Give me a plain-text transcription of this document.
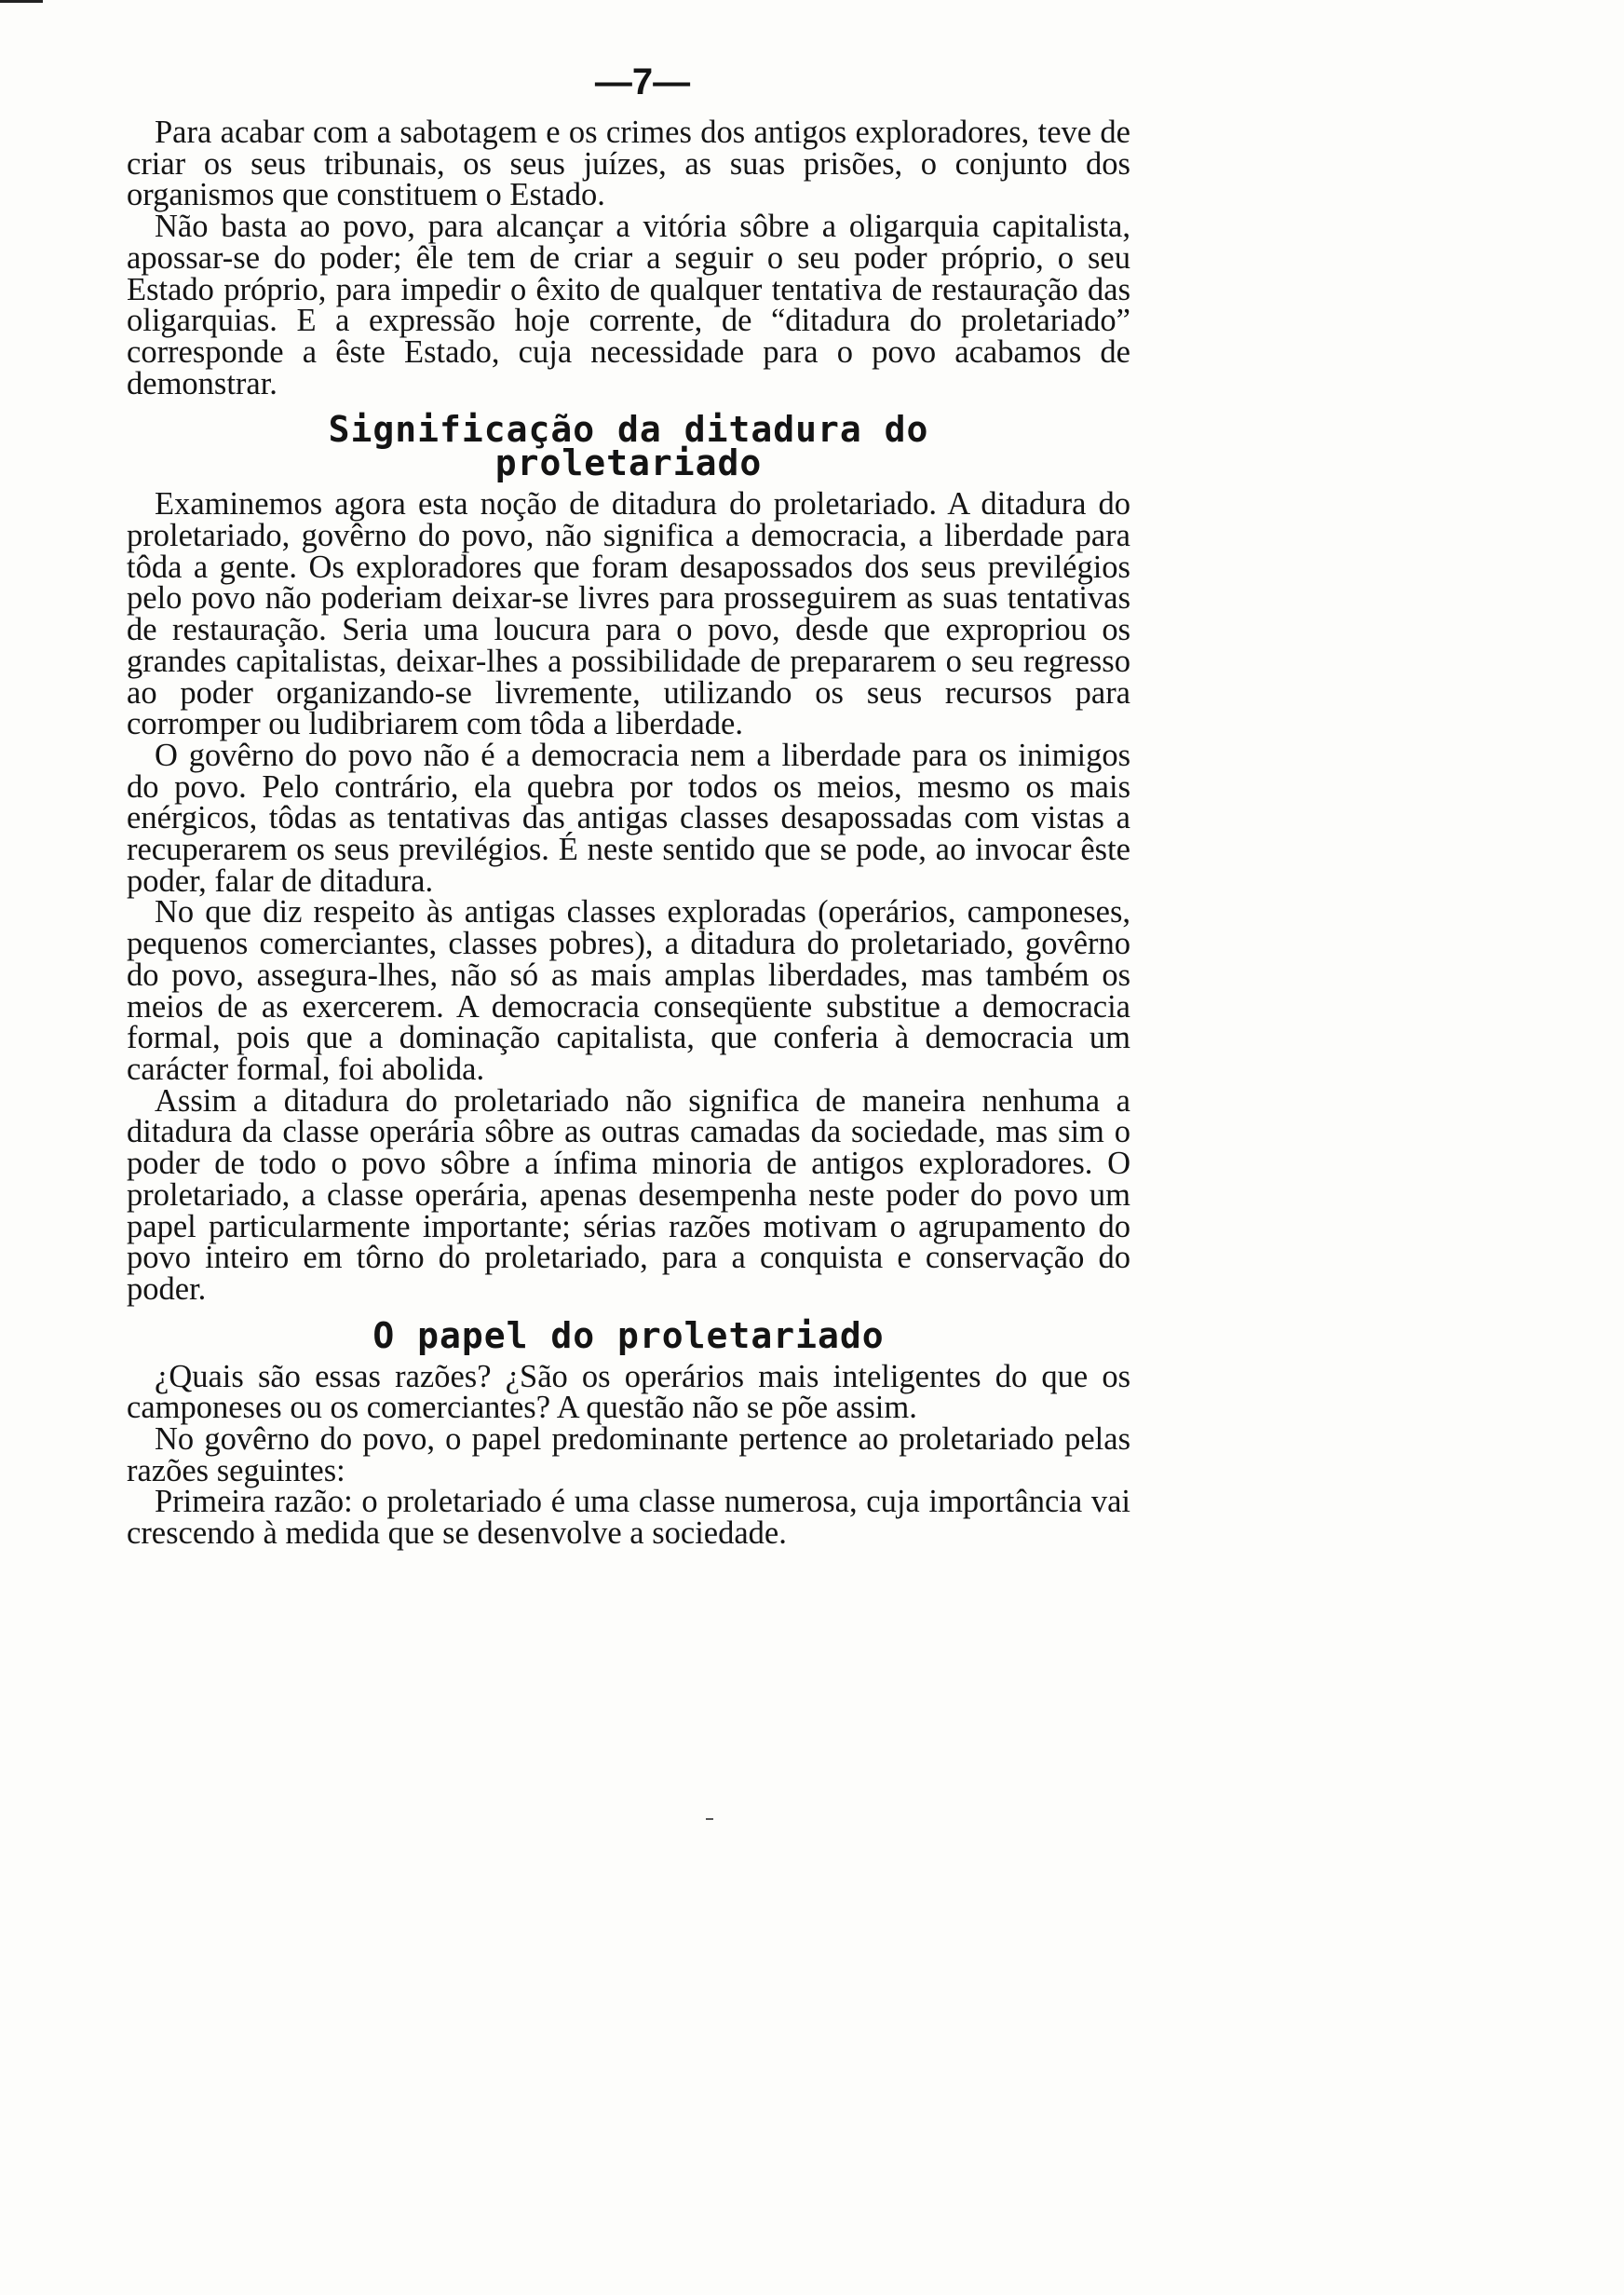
—7—

Para acabar com a sabotagem e os crimes dos antigos exploradores, teve de criar os seus tribunais, os seus juízes, as suas prisões, o conjunto dos organismos que constituem o Estado.

Não basta ao povo, para alcançar a vitória sôbre a oligarquia capitalista, apossar-se do poder; êle tem de criar a seguir o seu poder próprio, o seu Estado próprio, para impedir o êxito de qualquer tentativa de restauração das oligarquias. E a expressão hoje corrente, de “ditadura do proletariado” corresponde a êste Estado, cuja necessidade para o povo acabamos de demonstrar.

Significação da ditadura do
proletariado

Examinemos agora esta noção de ditadura do proletariado. A ditadura do proletariado, govêrno do povo, não significa a democracia, a liberdade para tôda a gente. Os exploradores que foram desapossados dos seus previlégios pelo povo não poderiam deixar-se livres para prosseguirem as suas tentativas de restauração. Seria uma loucura para o povo, desde que expropriou os grandes capitalistas, deixar-lhes a possibilidade de prepararem o seu regresso ao poder organizando-se livremente, utilizando os seus recursos para corromper ou ludibriarem com tôda a liberdade.

O govêrno do povo não é a democracia nem a liberdade para os inimigos do povo. Pelo contrário, ela quebra por todos os meios, mesmo os mais enérgicos, tôdas as tentativas das antigas classes desapossadas com vistas a recuperarem os seus previlégios. É neste sentido que se pode, ao invocar êste poder, falar de ditadura.

No que diz respeito às antigas classes exploradas (operários, camponeses, pequenos comerciantes, classes pobres), a ditadura do proletariado, govêrno do povo, assegura-lhes, não só as mais amplas liberdades, mas também os meios de as exercerem. A democracia conseqüente substitue a democracia formal, pois que a dominação capitalista, que conferia à democracia um carácter formal, foi abolida.

Assim a ditadura do proletariado não significa de maneira nenhuma a ditadura da classe operária sôbre as outras camadas da sociedade, mas sim o poder de todo o povo sôbre a ínfima minoria de antigos exploradores. O proletariado, a classe operária, apenas desempenha neste poder do povo um papel particularmente importante; sérias razões motivam o agrupamento do povo inteiro em tôrno do proletariado, para a conquista e conservação do poder.

O papel do proletariado

¿Quais são essas razões? ¿São os operários mais inteligentes do que os camponeses ou os comerciantes? A questão não se põe assim.

No govêrno do povo, o papel predominante pertence ao proletariado pelas razões seguintes:

Primeira razão: o proletariado é uma classe numerosa, cuja importância vai crescendo à medida que se desenvolve a sociedade.
